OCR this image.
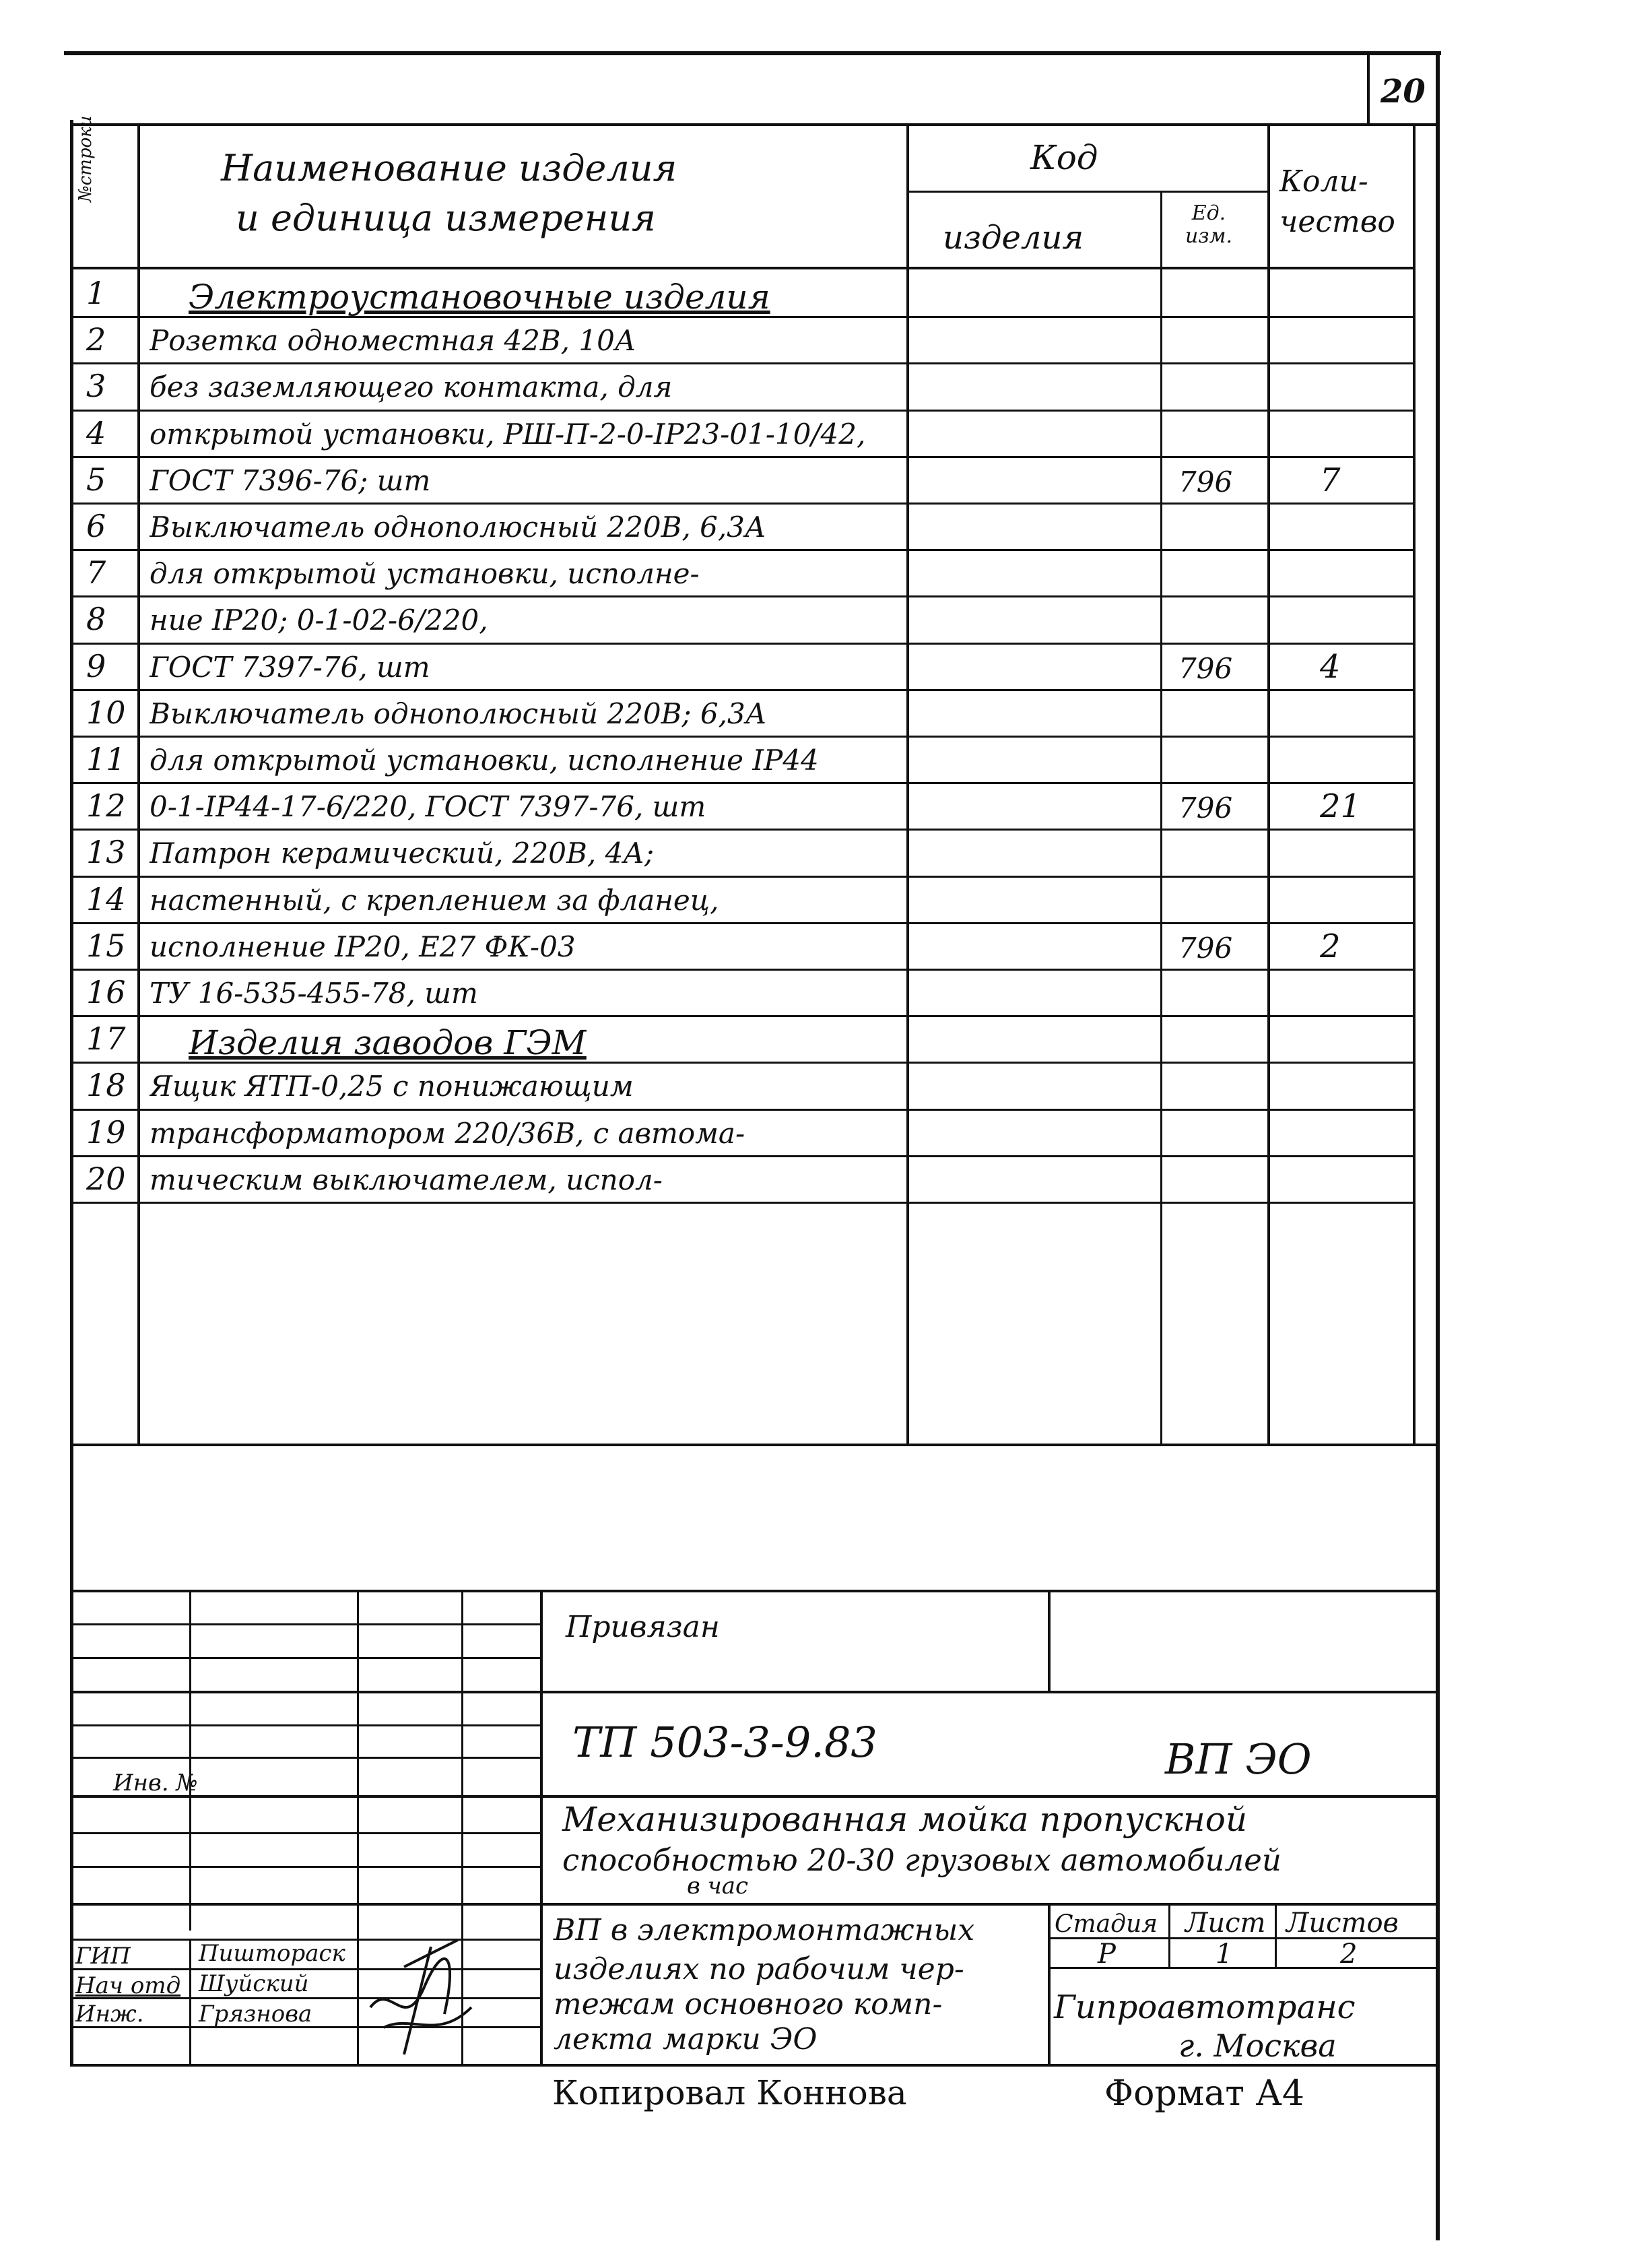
20
№строки	Наименование изделия
и единица измерения
Код
изделия
Ед. изм.
Коли- чество
1 Электроустановочные изделия
2 Розетка одноместная 42В, 10А
3 без заземляющего контакта, для
4 открытой установки, РШ-П-2-0-IР23-01-10/42,
5 ГОСТ 7396-76; шт	796	7
6 Выключатель однополюсный 220В, 6,3А
7 для открытой установки, исполне-
8 ние IР20; 0-1-02-6/220,
9 ГОСТ 7397-76, шт	796	4
10 Выключатель однополюсный 220В; 6,3А
11 для открытой установки, исполнение IР44
12 0-1-IР44-17-6/220, ГОСТ 7397-76, шт	796	21
13 Патрон керамический, 220В, 4А;
14 настенный, с креплением за фланец,
15 исполнение IР20, Е27 ФК-03	796	2
16 ТУ 16-535-455-78, шт
17 Изделия заводов ГЭМ
18 Ящик ЯТП-0,25 с понижающим
19 трансформатором 220/36В, с автома-
20 тическим выключателем, испол-
Привязан
ТП 503-3-9.83	ВП ЭО
Инв. №
Механизированная мойка пропускной
способностью 20-30 грузовых автомобилей
в час
ВП в электромонтажных
изделиях по рабочим чер-
тежам основного комп-
лекта марки ЭО
Стадия Лист Листов
Р	1	2
Гипроавтотранс
г. Москва
ГИП	Пиштораск
Нач отд Шуйский
Инж. Грязнова
Копировал Коннова	Формат А4
